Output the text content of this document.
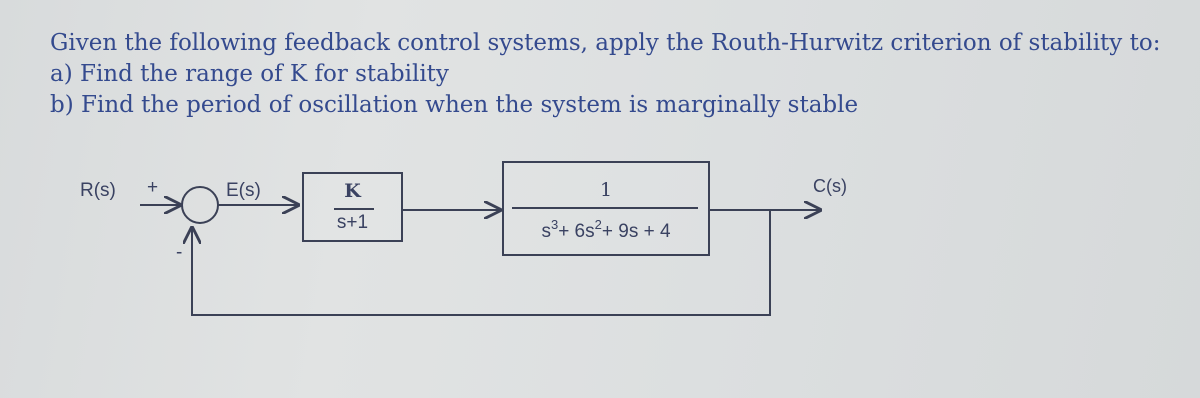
Given the following feedback control systems, apply the Routh-Hurwitz criterion of stability to:
a) Find the range of K for stability
b) Find the period of oscillation when the system is marginally stable
R(s) +
-
E(s)	C(s)
K
s+1
1
$s^3+ 6s^2+ 9s + 4$
